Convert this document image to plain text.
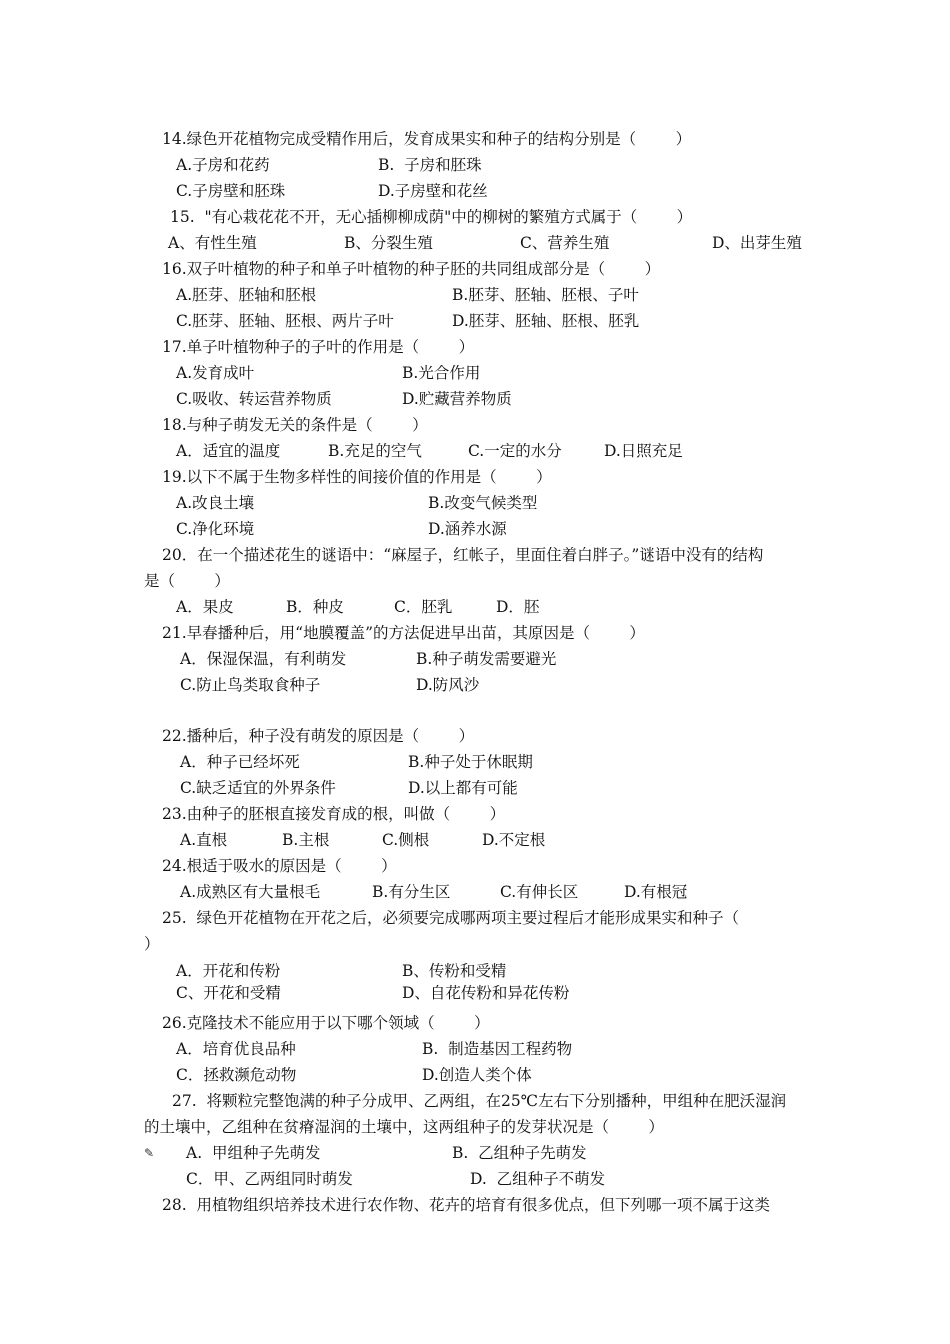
14.绿色开花植物完成受精作用后，发育成果实和种子的结构分别是（        ）
A.子房和花药	B.  子房和胚珠
C.子房壁和胚珠	D.子房壁和花丝
15.  "有心栽花花不开，无心插柳柳成荫"中的柳树的繁殖方式属于（        ）
A、有性生殖	B、分裂生殖	C、营养生殖	D、出芽生殖
16.双子叶植物的种子和单子叶植物的种子胚的共同组成部分是（        ）
A.胚芽、胚轴和胚根	B.胚芽、胚轴、胚根、子叶
C.胚芽、胚轴、胚根、两片子叶	D.胚芽、胚轴、胚根、胚乳
17.单子叶植物种子的子叶的作用是（        ）
A.发育成叶	B.光合作用
C.吸收、转运营养物质	D.贮藏营养物质
18.与种子萌发无关的条件是（        ）
A．适宜的温度	B.充足的空气	C.一定的水分	D.日照充足
19.以下不属于生物多样性的间接价值的作用是（        ）
A.改良土壤	B.改变气候类型
C.净化环境	D.涵养水源
20．在一个描述花生的谜语中：“麻屋子，红帐子，里面住着白胖子。”谜语中没有的结构
是（        ）
A．果皮	B．种皮	C．胚乳	D．胚
21.早春播种后，用“地膜覆盖”的方法促进早出苗，其原因是（        ）
A．保湿保温，有利萌发	B.种子萌发需要避光
C.防止鸟类取食种子	D.防风沙
22.播种后，种子没有萌发的原因是（        ）
A．种子已经坏死	B.种子处于休眠期
C.缺乏适宜的外界条件	D.以上都有可能
23.由种子的胚根直接发育成的根，叫做（        ）
A.直根	B.主根	C.侧根	D.不定根
24.根适于吸水的原因是（        ）
A.成熟区有大量根毛	B.有分生区	C.有伸长区	D.有根冠
25.  绿色开花植物在开花之后，必须要完成哪两项主要过程后才能形成果实和种子（
）
A．开花和传粉	B、传粉和受精
C、开花和受精	D、自花传粉和异花传粉
26.克隆技术不能应用于以下哪个领域（        ）
A．培育优良品种	B.  制造基因工程药物
C．拯救濒危动物	D.创造人类个体
27.  将颗粒完整饱满的种子分成甲、乙两组，在25℃左右下分别播种，甲组种在肥沃湿润
的土壤中，乙组种在贫瘠湿润的土壤中，这两组种子的发芽状况是（        ）
✎ A.  甲组种子先萌发	B.  乙组种子先萌发
C．甲、乙两组同时萌发	D.  乙组种子不萌发
28.  用植物组织培养技术进行农作物、花卉的培育有很多优点，但下列哪一项不属于这类
